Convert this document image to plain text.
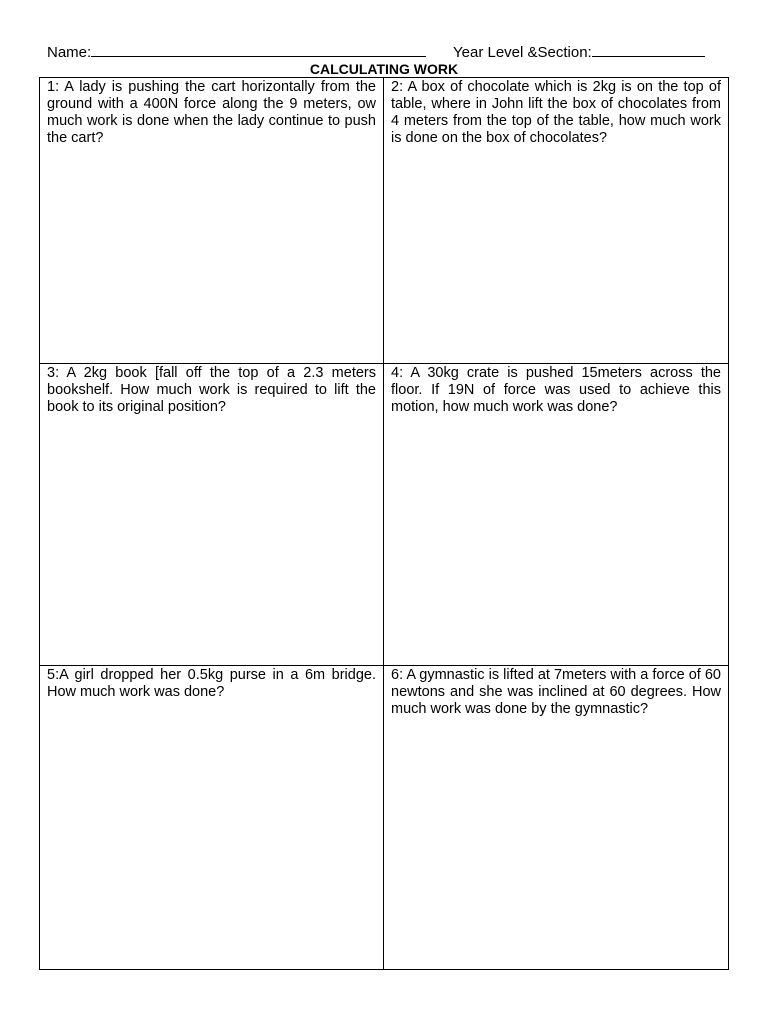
Name:	Year Level &Section:
CALCULATING WORK
1: A lady is pushing the cart horizontally from the ground with a 400N force along the 9 meters, ow much work is done when the lady continue to push the cart?
2: A box of chocolate which is 2kg is on the top of table, where in John lift the box of chocolates from 4 meters from the top of the table, how much work is done on the box of chocolates?
3: A 2kg book [fall off the top of a 2.3 meters bookshelf. How much work is required to lift the book to its original position?
4: A 30kg crate is pushed 15meters across the floor. If 19N of force was used to achieve this motion, how much work was done?
5:A girl dropped her 0.5kg purse in a 6m bridge. How much work was done?
6: A gymnastic is lifted at 7meters with a force of 60 newtons and she was inclined at 60 degrees. How much work was done by the gymnastic?
